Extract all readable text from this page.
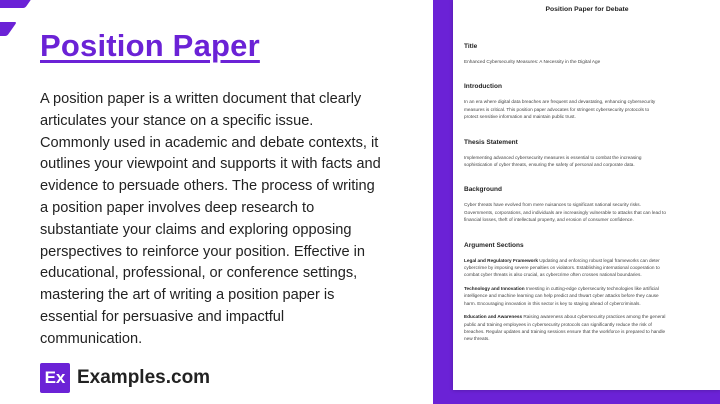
Position Paper

A position paper is a written document that clearly articulates your stance on a specific issue. Commonly used in academic and debate contexts, it outlines your viewpoint and supports it with facts and evidence to persuade others. The process of writing a position paper involves deep research to substantiate your claims and exploring opposing perspectives to reinforce your position. Effective in educational, professional, or conference settings, mastering the art of writing a position paper is essential for persuasive and impactful communication.

Ex Examples.com
Position Paper for Debate
Title

Enhanced Cybersecurity Measures: A Necessity in the Digital Age

Introduction

In an era where digital data breaches are frequent and devastating, enhancing cybersecurity

measures is critical. This position paper advocates for stringent cybersecurity protocols to

protect sensitive information and maintain public trust.

Thesis Statement

Implementing advanced cybersecurity measures is essential to combat the increasing

sophistication of cyber threats, ensuring the safety of personal and corporate data.

Background

Cyber threats have evolved from mere nuisances to significant national security risks.

Governments, corporations, and individuals are increasingly vulnerable to attacks that can lead to

financial losses, theft of intellectual property, and erosion of consumer confidence.

Argument Sections

Legal and Regulatory Framework Updating and enforcing robust legal frameworks can deter

cybercrime by imposing severe penalties on violators. Establishing international cooperation to

combat cyber threats is also crucial, as cybercrime often crosses national boundaries.

Technology and Innovation Investing in cutting-edge cybersecurity technologies like artificial

intelligence and machine learning can help predict and thwart cyber attacks before they cause

harm. Encouraging innovation in this sector is key to staying ahead of cybercriminals.

Education and Awareness Raising awareness about cybersecurity practices among the general

public and training employees in cybersecurity protocols can significantly reduce the risk of

breaches. Regular updates and training sessions ensure that the workforce is prepared to handle

new threats.
